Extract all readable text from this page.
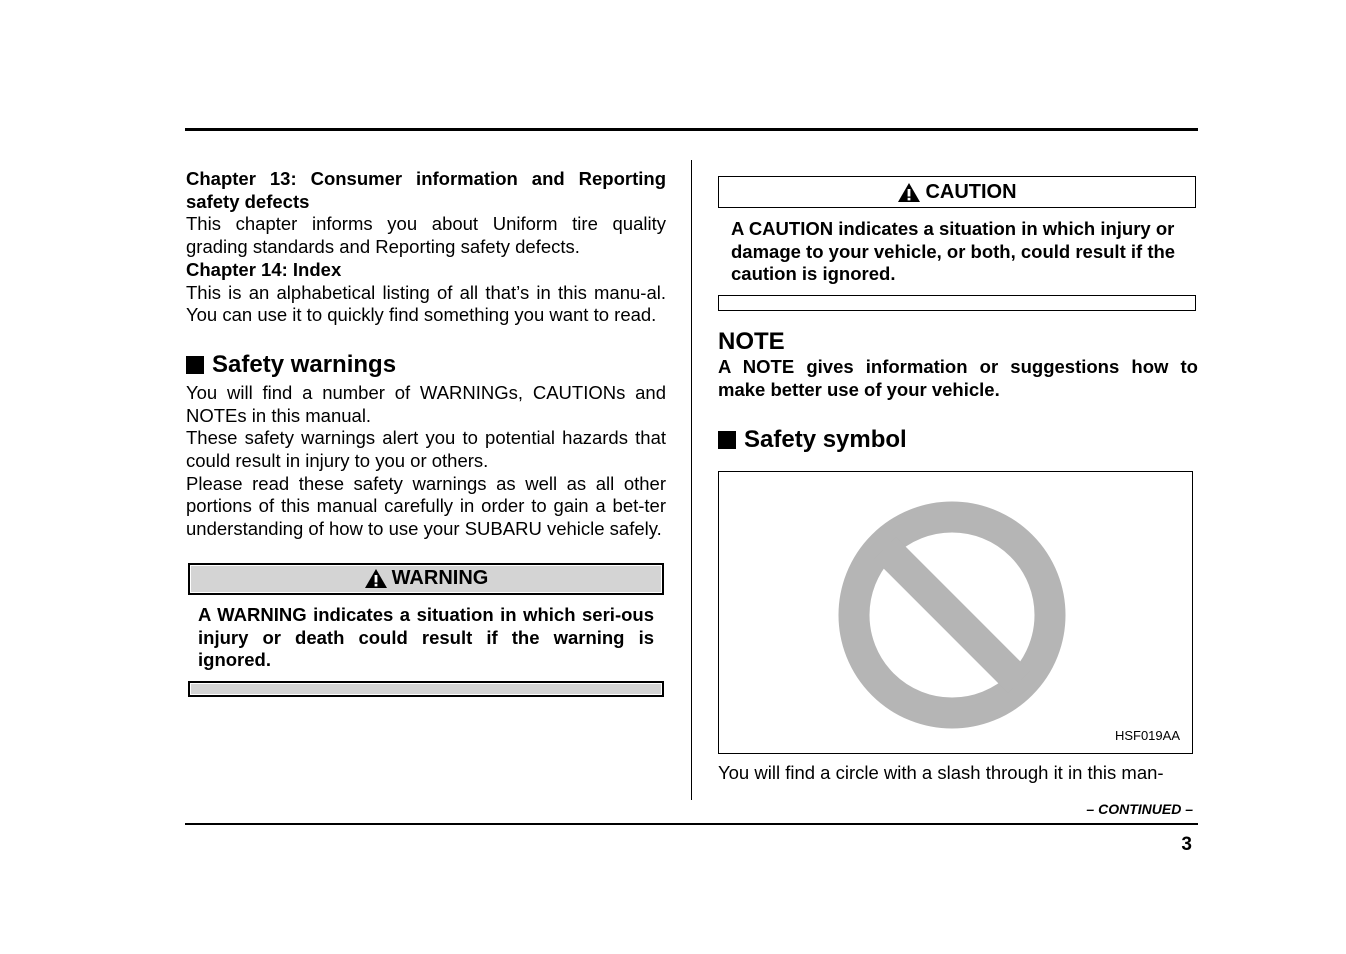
Chapter 13: Consumer information and Reporting safety defects

This chapter informs you about Uniform tire quality grading standards and Reporting safety defects.

Chapter 14: Index

This is an alphabetical listing of all that’s in this manu-al. You can use it to quickly find something you want to read.

Safety warnings

You will find a number of WARNINGs, CAUTIONs and NOTEs in this manual.

These safety warnings alert you to potential hazards that could result in injury to you or others.

Please read these safety warnings as well as all other portions of this manual carefully in order to gain a bet-ter understanding of how to use your SUBARU vehicle safely.

WARNING
A WARNING indicates a situation in which seri-ous injury or death could result if the warning is ignored.
CAUTION
A CAUTION indicates a situation in which injury or damage to your vehicle, or both, could result if the caution is ignored.
NOTE

A NOTE gives information or suggestions how to make better use of your vehicle.

Safety symbol
HSF019AA

You will find a circle with a slash through it in this man-

– CONTINUED –
3
